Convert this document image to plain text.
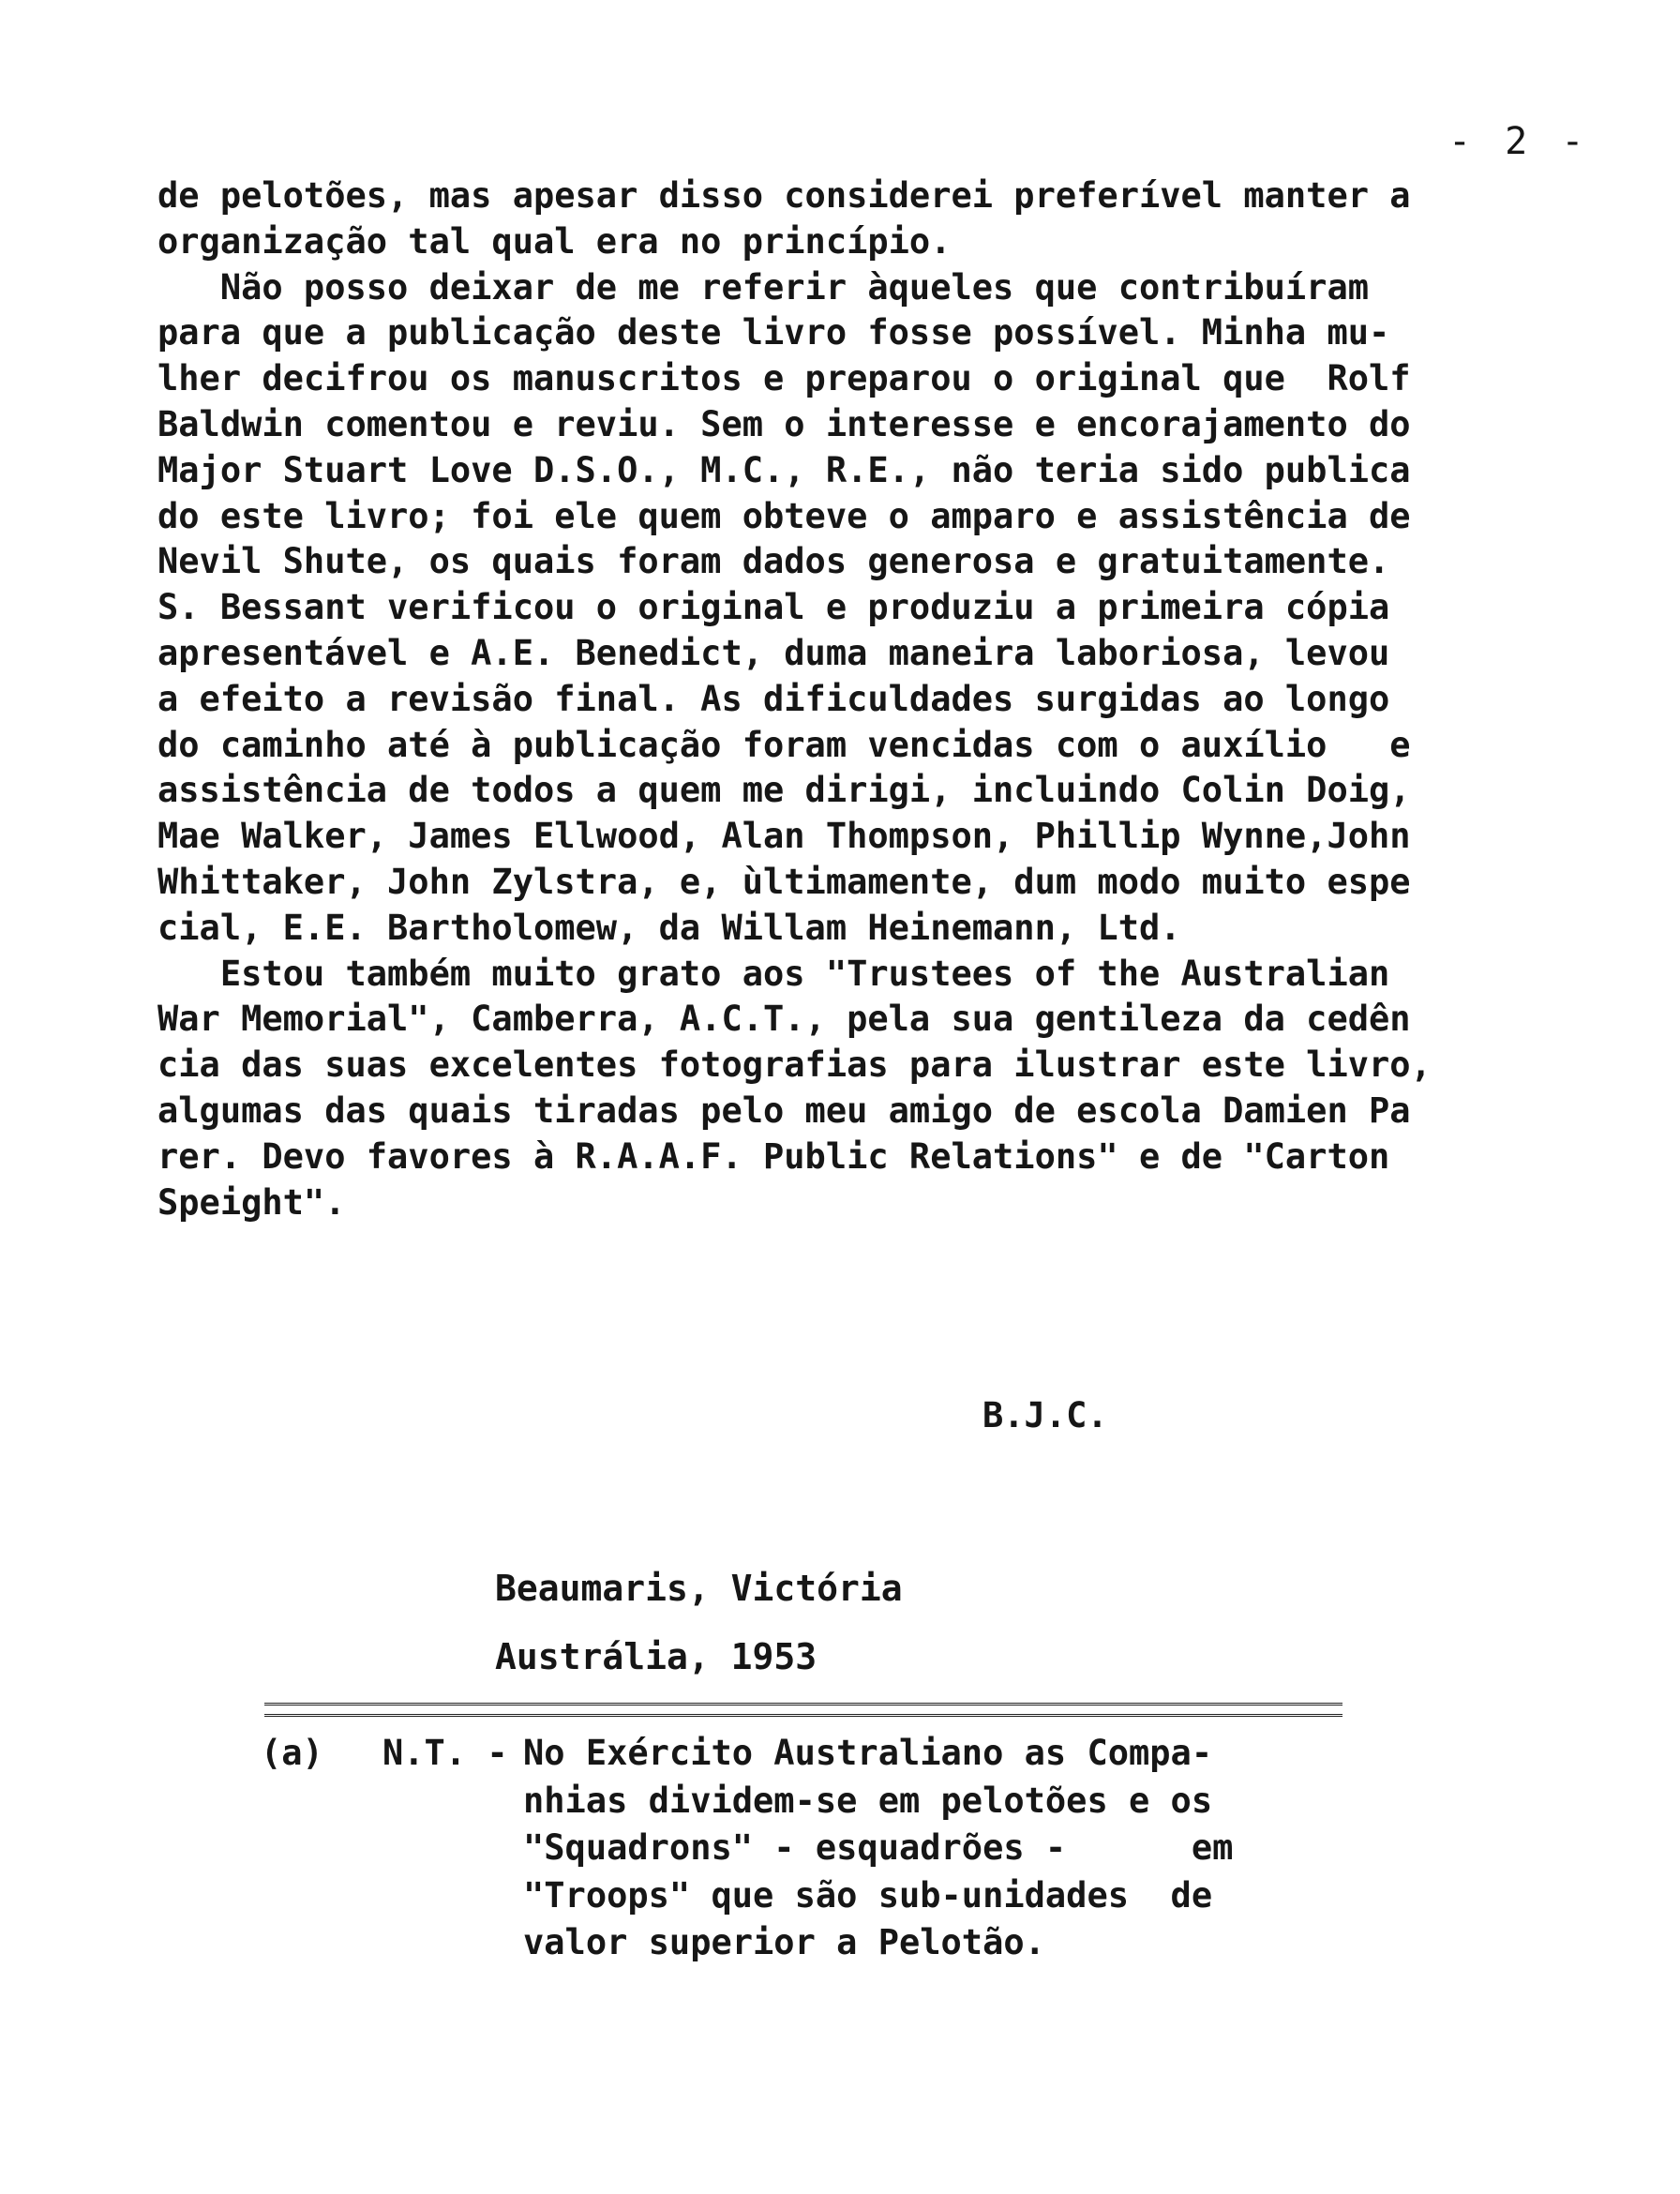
- 2 -
de pelotões, mas apesar disso considerei preferível manter a
organização tal qual era no princípio.
Não posso deixar de me referir àqueles que contribuíram
para que a publicação deste livro fosse possível. Minha mu-
lher decifrou os manuscritos e preparou o original que  Rolf
Baldwin comentou e reviu. Sem o interesse e encorajamento do
Major Stuart Love D.S.O., M.C., R.E., não teria sido publica
do este livro; foi ele quem obteve o amparo e assistência de
Nevil Shute, os quais foram dados generosa e gratuitamente.
S. Bessant verificou o original e produziu a primeira cópia
apresentável e A.E. Benedict, duma maneira laboriosa, levou
a efeito a revisão final. As dificuldades surgidas ao longo
do caminho até à publicação foram vencidas com o auxílio   e
assistência de todos a quem me dirigi, incluindo Colin Doig,
Mae Walker, James Ellwood, Alan Thompson, Phillip Wynne,John
Whittaker, John Zylstra, e, ùltimamente, dum modo muito espe
cial, E.E. Bartholomew, da Willam Heinemann, Ltd.
Estou também muito grato aos "Trustees of the Australian
War Memorial", Camberra, A.C.T., pela sua gentileza da cedên
cia das suas excelentes fotografias para ilustrar este livro,
algumas das quais tiradas pelo meu amigo de escola Damien Pa
rer. Devo favores à R.A.A.F. Public Relations" e de "Carton
Speight".
B.J.C.
Beaumaris, Victória
Austrália, 1953
(a) N.T. - No Exército Australiano as Compa-
nhias dividem-se em pelotões e os
"Squadrons" - esquadrões -      em
"Troops" que são sub-unidades  de
valor superior a Pelotão.
